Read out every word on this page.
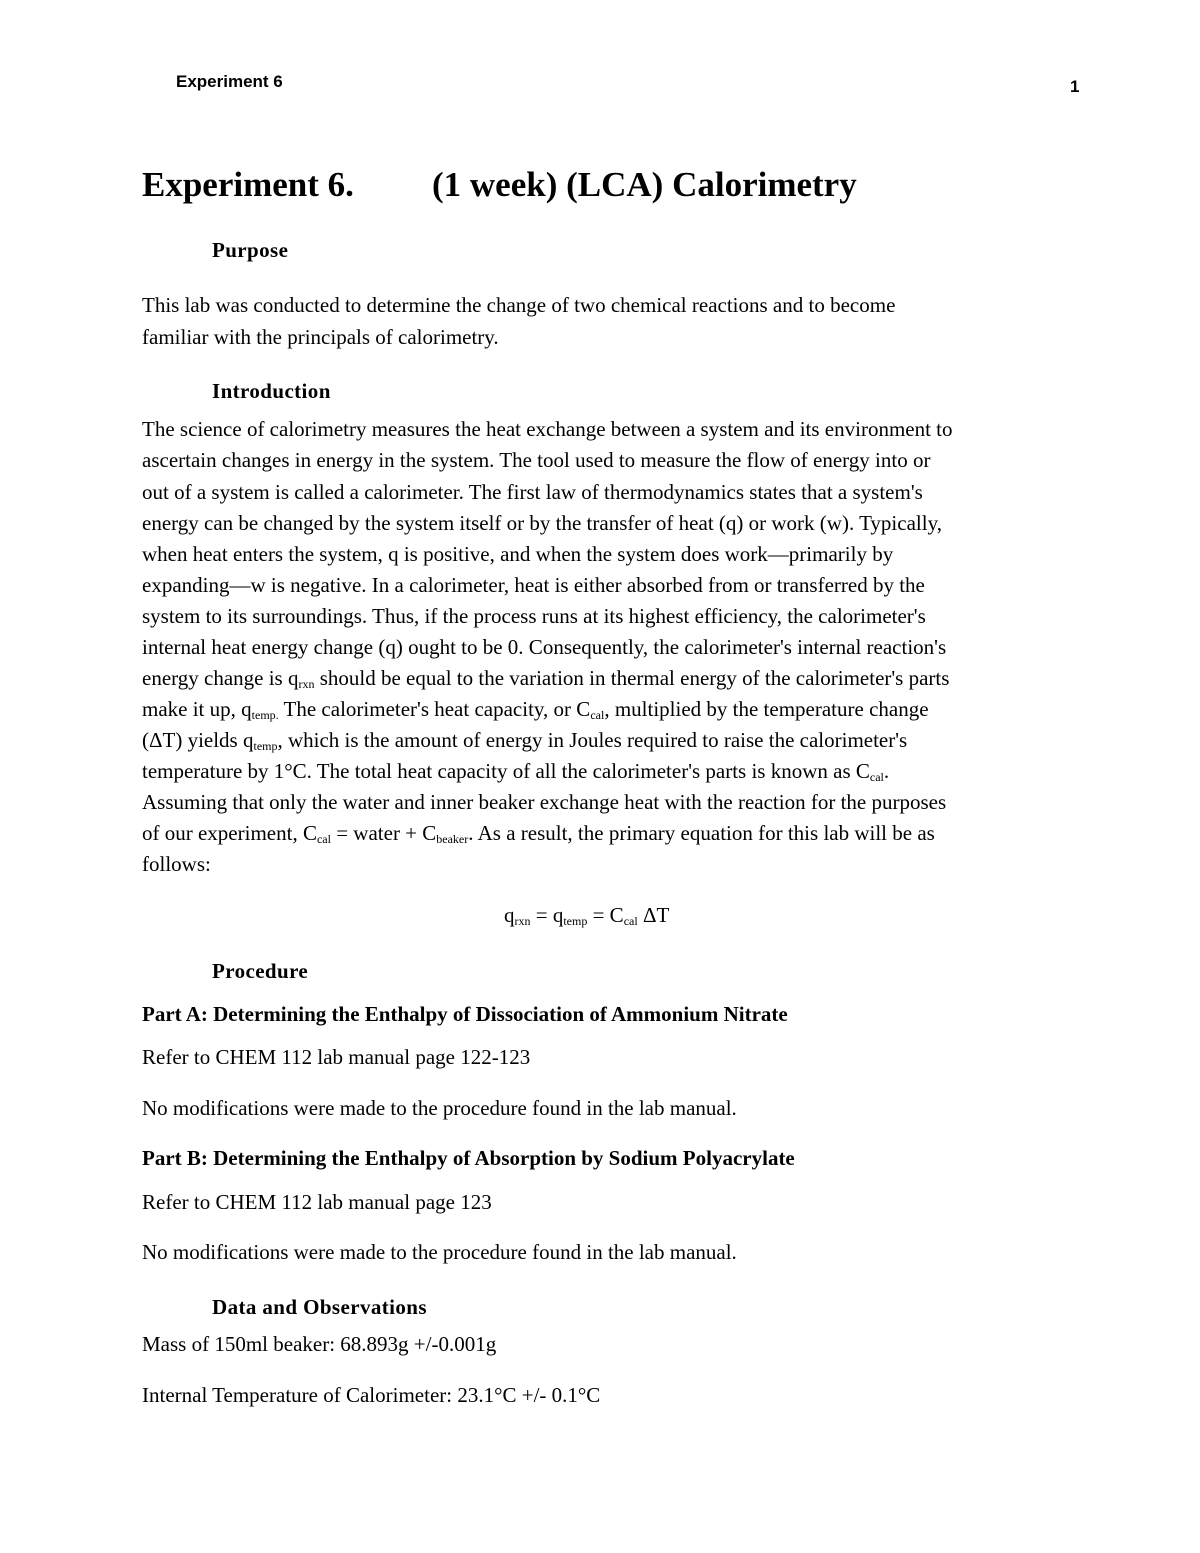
Experiment 6	1
Experiment 6. (1 week) (LCA) Calorimetry
Purpose
This lab was conducted to determine the change of two chemical reactions and to become
familiar with the principals of calorimetry.
Introduction
The science of calorimetry measures the heat exchange between a system and its environment to
ascertain changes in energy in the system. The tool used to measure the flow of energy into or
out of a system is called a calorimeter. The first law of thermodynamics states that a system's
energy can be changed by the system itself or by the transfer of heat (q) or work (w). Typically,
when heat enters the system, q is positive, and when the system does work—primarily by
expanding—w is negative. In a calorimeter, heat is either absorbed from or transferred by the
system to its surroundings. Thus, if the process runs at its highest efficiency, the calorimeter's
internal heat energy change (q) ought to be 0. Consequently, the calorimeter's internal reaction's
energy change is $q_{rxn}$ should be equal to the variation in thermal energy of the calorimeter's parts
make it up, $q_{temp.}$ The calorimeter's heat capacity, or $C_{cal}$, multiplied by the temperature change
(ΔT) yields $q_{temp}$, which is the amount of energy in Joules required to raise the calorimeter's
temperature by 1°C. The total heat capacity of all the calorimeter's parts is known as $C_{cal}$.
Assuming that only the water and inner beaker exchange heat with the reaction for the purposes
of our experiment, $C_{cal}$ = water + $C_{beaker}$. As a result, the primary equation for this lab will be as
follows:
$q_{rxn} = q_{temp} = C_{cal}$ ΔT
Procedure
Part A: Determining the Enthalpy of Dissociation of Ammonium Nitrate
Refer to CHEM 112 lab manual page 122-123
No modifications were made to the procedure found in the lab manual.
Part B: Determining the Enthalpy of Absorption by Sodium Polyacrylate
Refer to CHEM 112 lab manual page 123
No modifications were made to the procedure found in the lab manual.
Data and Observations
Mass of 150ml beaker: 68.893g +/-0.001g
Internal Temperature of Calorimeter: 23.1°C +/- 0.1°C
